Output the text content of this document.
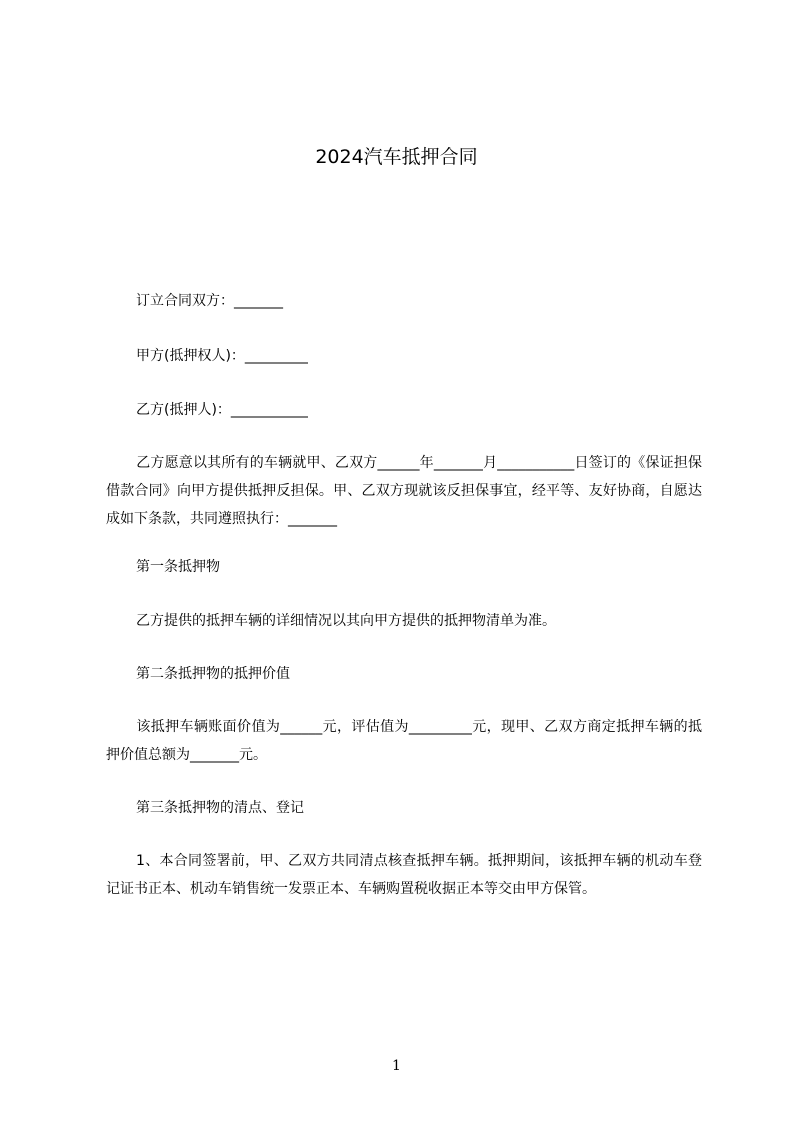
2024汽车抵押合同

订立合同双方：_______

甲方(抵押权人)：_________

乙方(抵押人)：___________

乙方愿意以其所有的车辆就甲、乙双方______年_______月___________日签订的《保证担保借款合同》向甲方提供抵押反担保。甲、乙双方现就该反担保事宜，经平等、友好协商，自愿达成如下条款，共同遵照执行：_______

第一条抵押物

乙方提供的抵押车辆的详细情况以其向甲方提供的抵押物清单为准。

第二条抵押物的抵押价值

该抵押车辆账面价值为______元，评估值为_________元，现甲、乙双方商定抵押车辆的抵押价值总额为_______元。

第三条抵押物的清点、登记

1、本合同签署前，甲、乙双方共同清点核查抵押车辆。抵押期间，该抵押车辆的机动车登记证书正本、机动车销售统一发票正本、车辆购置税收据正本等交由甲方保管。

1
